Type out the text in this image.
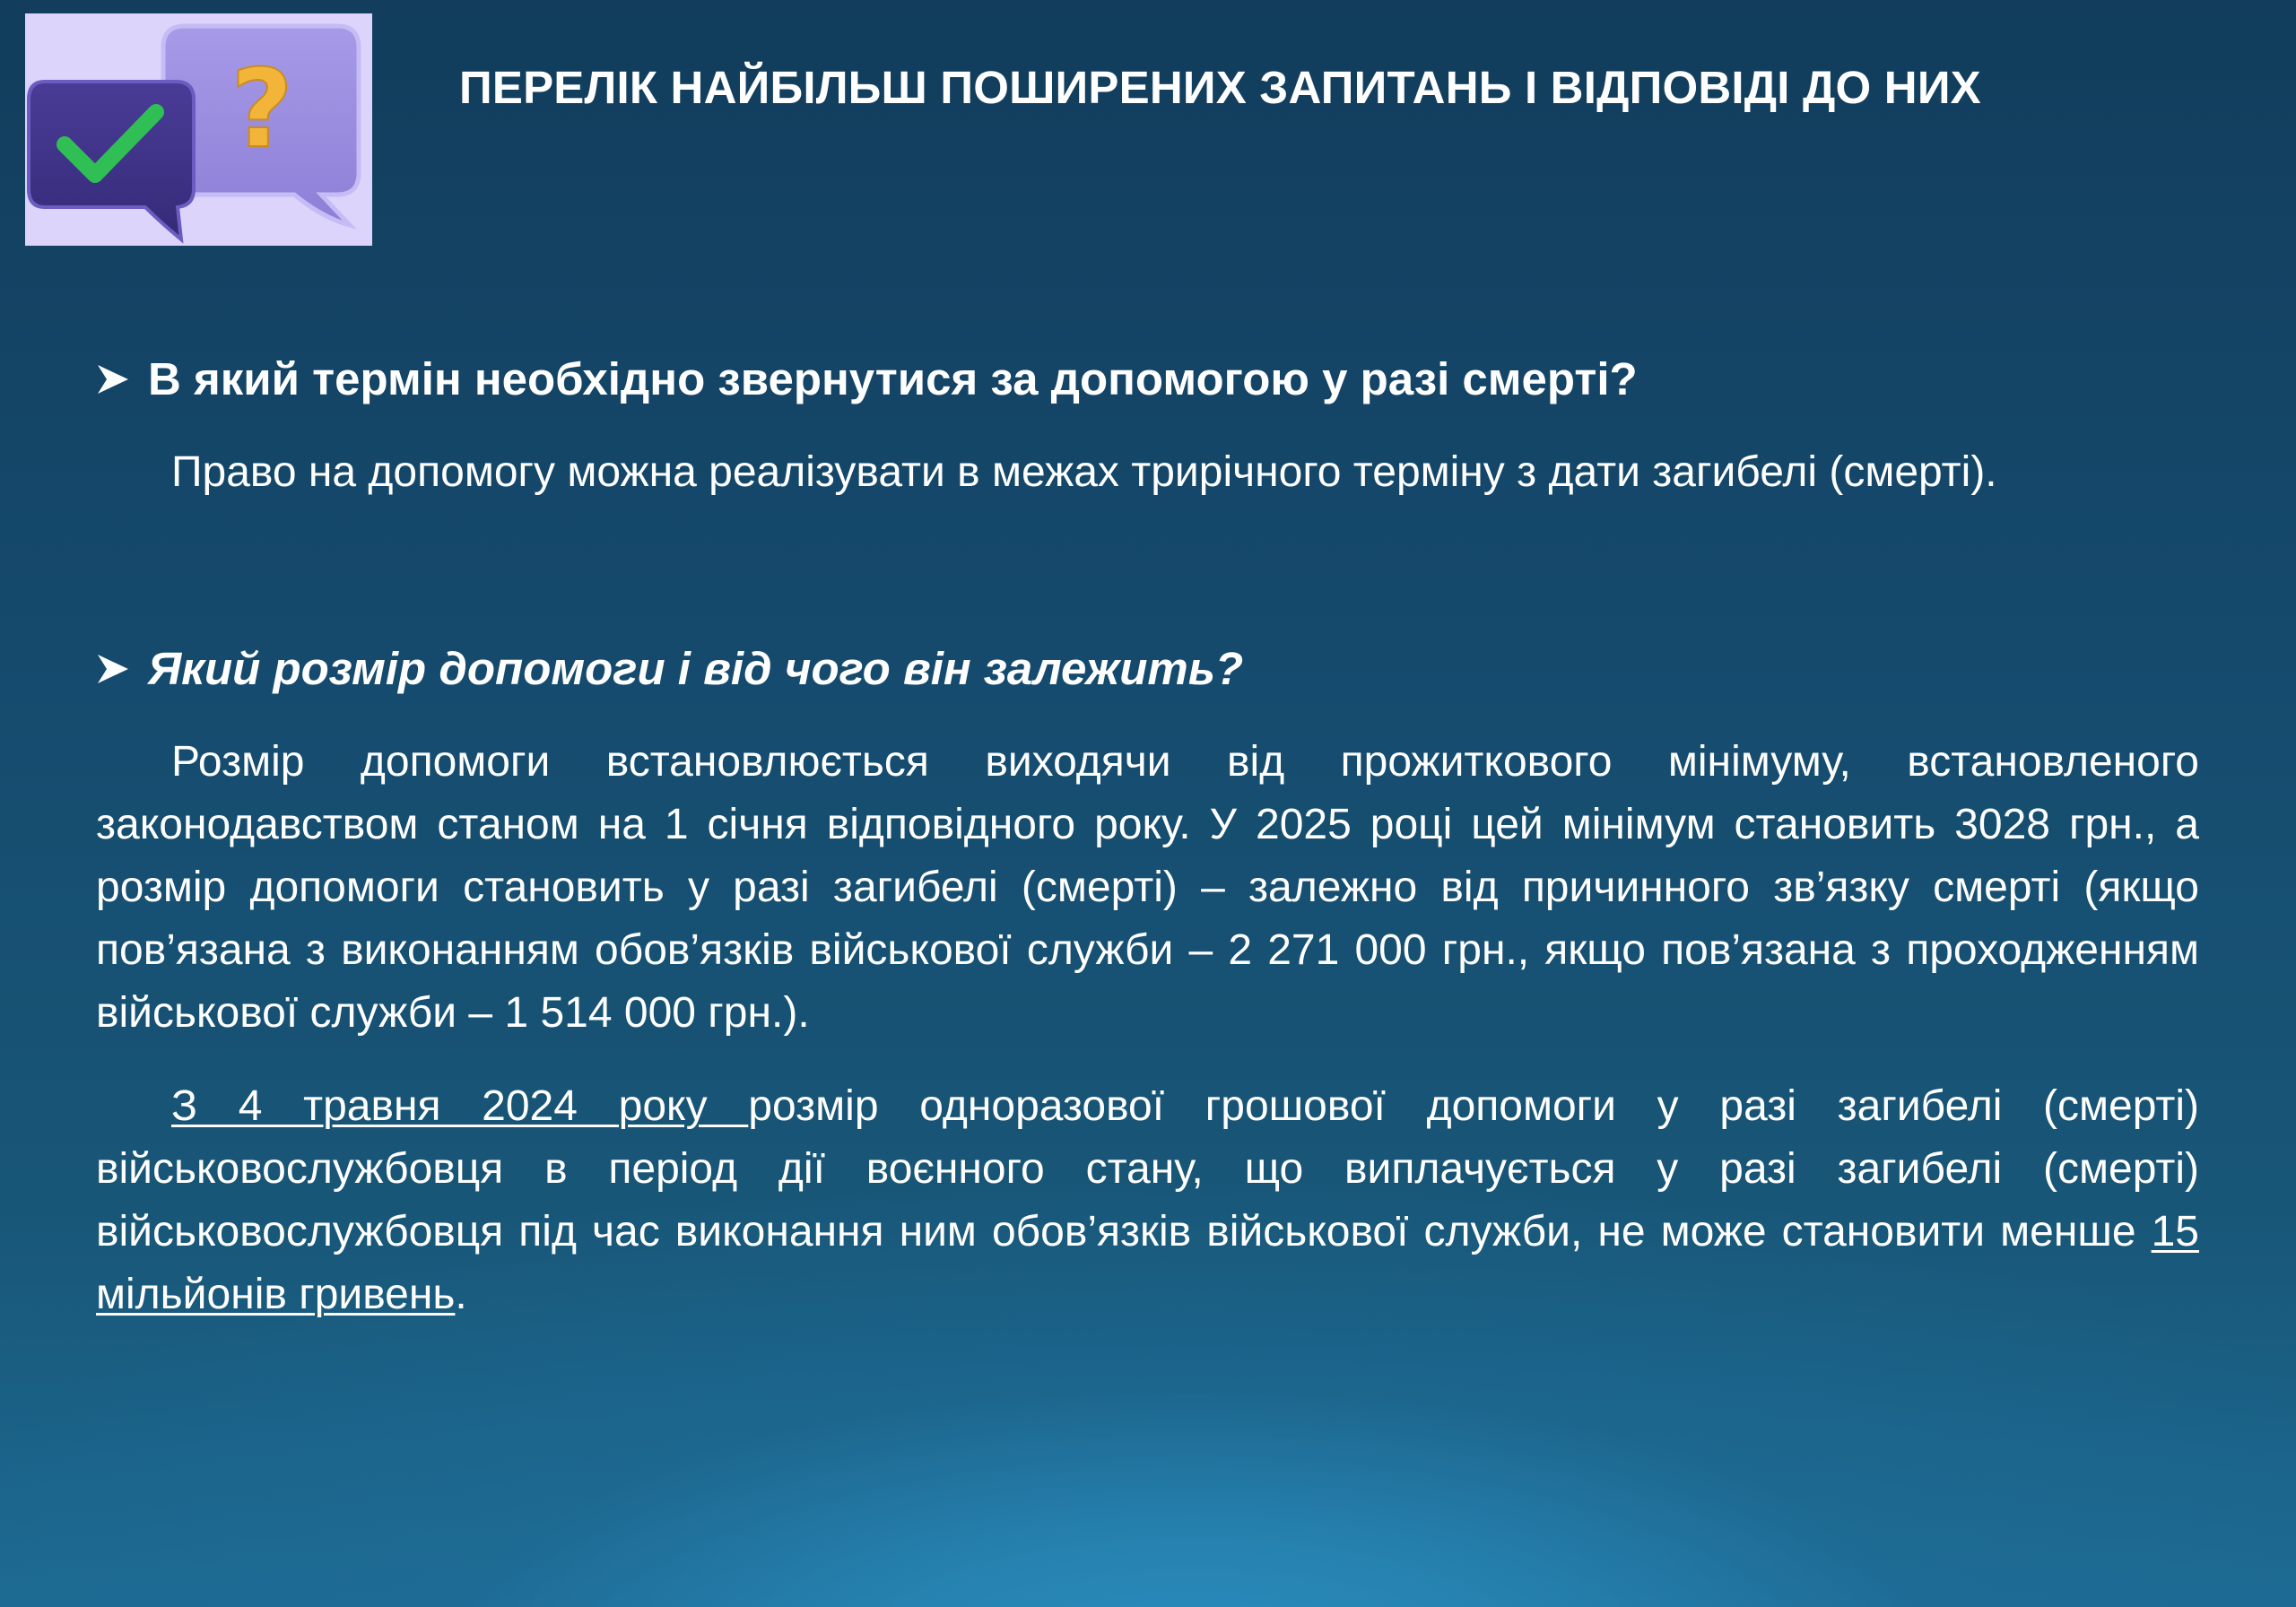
?	ПЕРЕЛІК НАЙБІЛЬШ ПОШИРЕНИХ ЗАПИТАНЬ І ВІДПОВІДІ ДО НИХ
В який термін необхідно звернутися за допомогою у разі смерті?

Право на допомогу можна реалізувати в межах трирічного терміну з дати загибелі (смерті).

Який розмір допомоги і від чого він залежить?

Розмір допомоги встановлюється виходячи від прожиткового мінімуму, встановленого законодавством станом на 1 січня відповідного року. У 2025 році цей мінімум становить 3028 грн., а розмір допомоги становить у разі загибелі (смерті) – залежно від причинного зв’язку смерті (якщо пов’язана з виконанням обов’язків військової служби – 2 271 000 грн., якщо пов’язана з проходженням військової служби – 1 514 000 грн.).

З 4 травня 2024 року розмір одноразової грошової допомоги у разі загибелі (смерті) військовослужбовця в період дії воєнного стану, що виплачується у разі загибелі (смерті) військовослужбовця під час виконання ним обов’язків військової служби, не може становити менше 15 мільйонів гривень.
